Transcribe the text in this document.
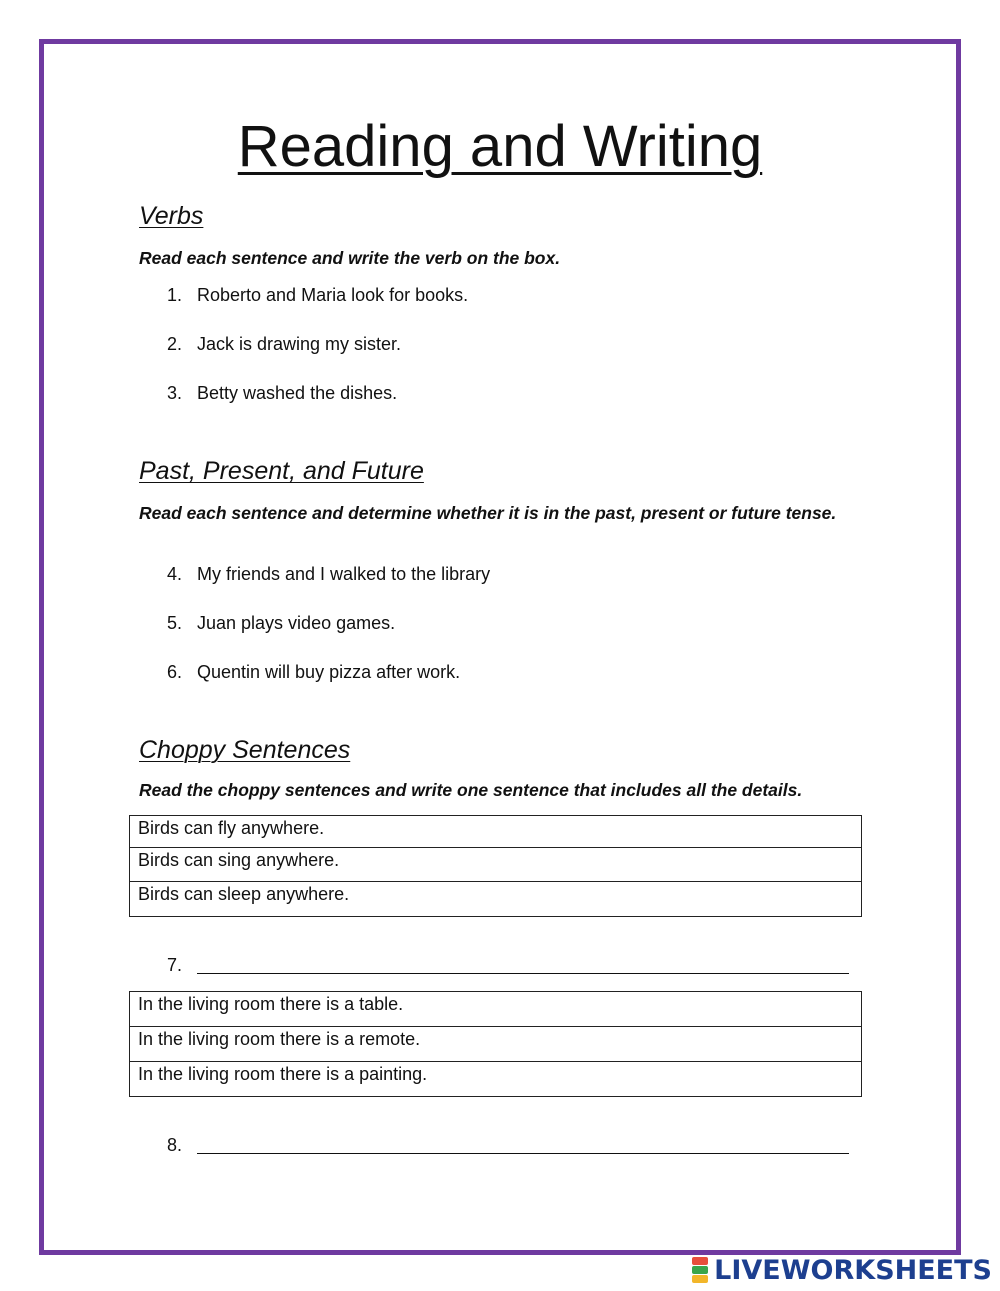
Reading and Writing
Verbs
Read each sentence and write the verb on the box.
1. Roberto and Maria look for books.
2. Jack is drawing my sister.
3. Betty washed the dishes.
Past, Present, and Future
Read each sentence and determine whether it is in the past, present or future tense.
4. My friends and I walked to the library
5. Juan plays video games.
6. Quentin will buy pizza after work.
Choppy Sentences
Read the choppy sentences and write one sentence that includes all the details.
Birds can fly anywhere.
Birds can sing anywhere.
Birds can sleep anywhere.
7.
In the living room there is a table.
In the living room there is a remote.
In the living room there is a painting.
8.
LIVEWORKSHEETS
